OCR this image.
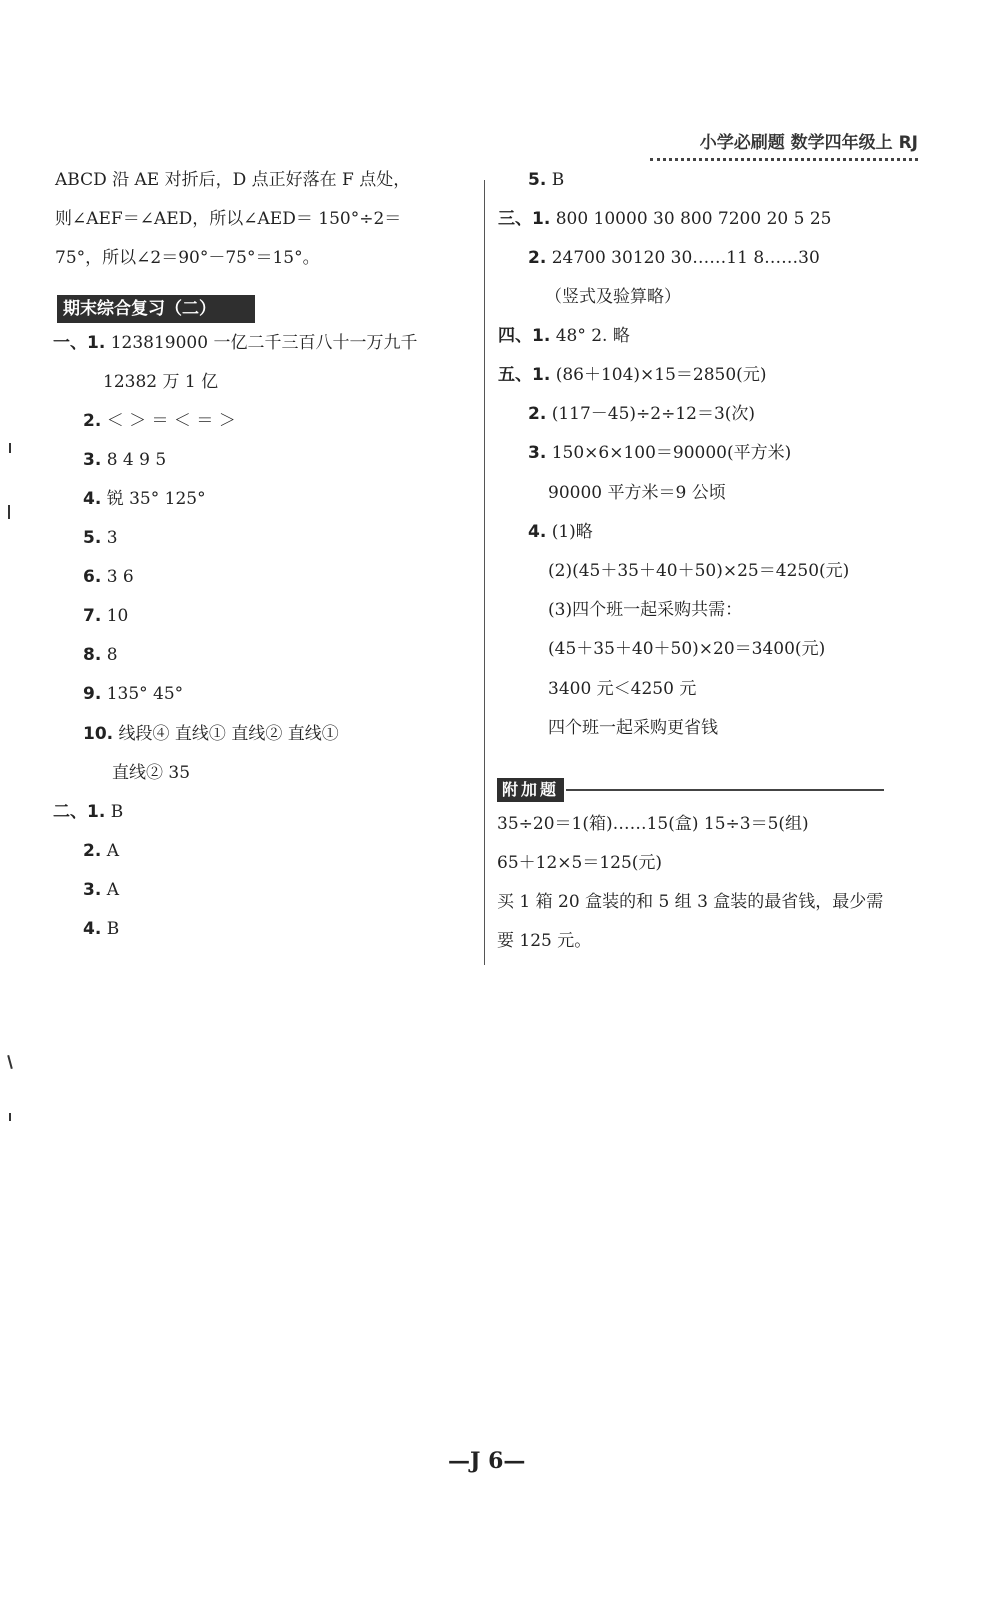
小学必刷题 数学四年级上 RJ
ABCD 沿 AE 对折后，D 点正好落在 F 点处，
则∠AEF＝∠AED，所以∠AED＝ 150°÷2＝
75°，所以∠2＝90°－75°＝15°。
期末综合复习（二）
一、1. 123819000 一亿二千三百八十一万九千
12382 万 1 亿
2. ＜ ＞ ＝ ＜ ＝ ＞
3. 8 4 9 5
4. 锐 35° 125°
5. 3
6. 3 6
7. 10
8. 8
9. 135° 45°
10. 线段④ 直线① 直线② 直线①
直线② 35
二、1. B
2. A
3. A
4. B
5. B
三、1. 800 10000 30 800 7200 20 5 25
2. 24700 30120 30……11 8……30
（竖式及验算略）
四、1. 48° 2. 略
五、1. (86＋104)×15＝2850(元)
2. (117－45)÷2÷12＝3(次)
3. 150×6×100＝90000(平方米)
90000 平方米＝9 公顷
4. (1)略
(2)(45＋35＋40＋50)×25＝4250(元)
(3)四个班一起采购共需：
(45＋35＋40＋50)×20＝3400(元)
3400 元＜4250 元
四个班一起采购更省钱
附加题
35÷20＝1(箱)……15(盒) 15÷3＝5(组)
65＋12×5＝125(元)
买 1 箱 20 盒装的和 5 组 3 盒装的最省钱，最少需
要 125 元。
—J 6—
